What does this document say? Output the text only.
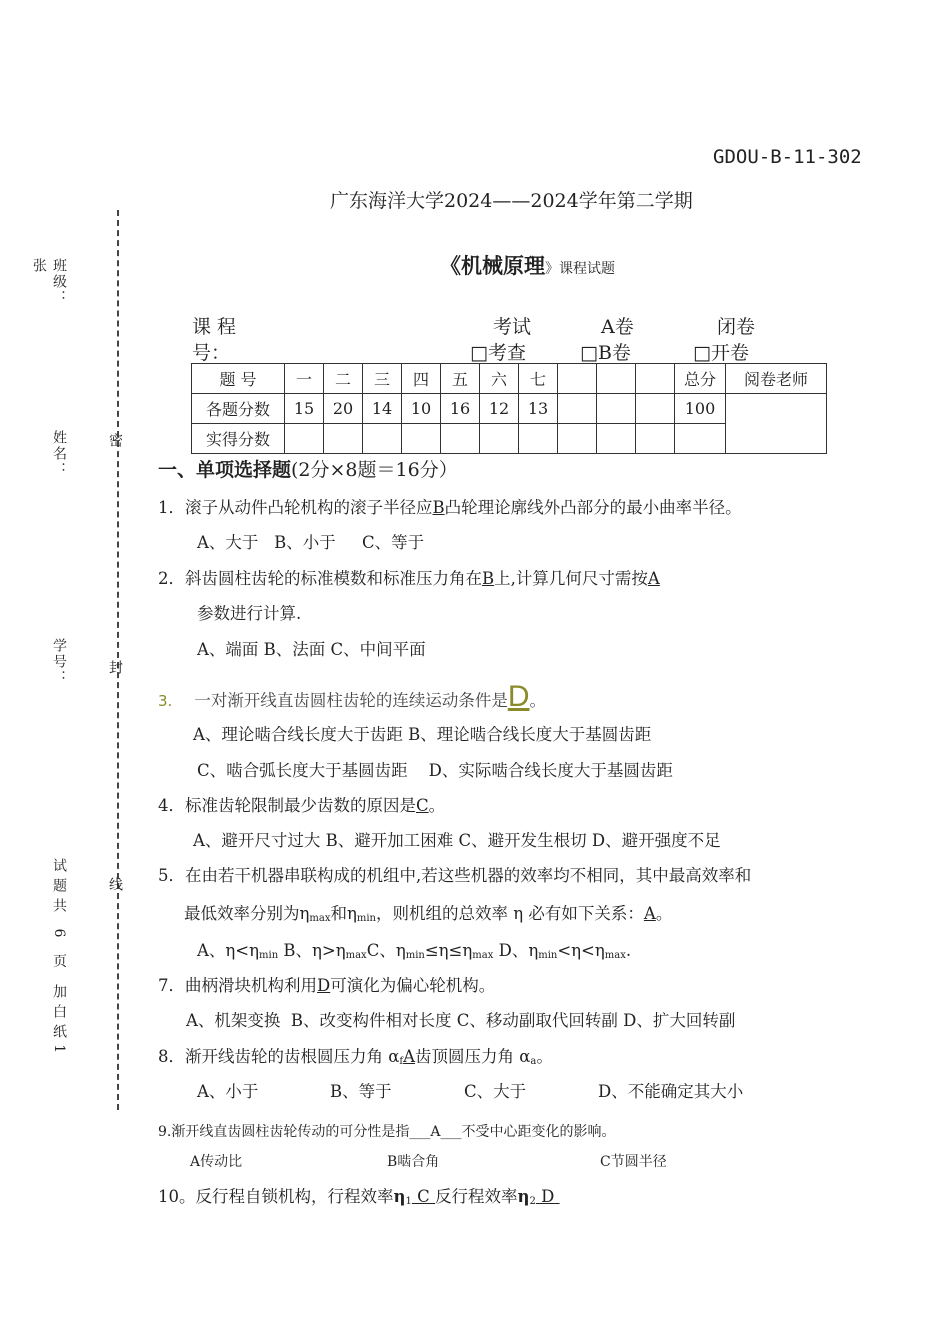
GDOU-B-11-302
广东海洋大学2024——2024学年第二学期
《机械原理》课程试题
班级：
张
姓名：
学号：
密
封
线
试题共 6 页 加白纸1
课 程
号：
考试
□考查
A卷
□B卷
闭卷
□开卷
题 号	一	二	三	四	五	六	七				总分	阅卷老师
各题分数	15	20	14	10	16	12	13				100	
实得分数												
一、单项选择题(2分×8题＝16分）
1．滚子从动件凸轮机构的滚子半径应B凸轮理论廓线外凸部分的最小曲率半径。
A、大于   B、小于     C、等于
2．斜齿圆柱齿轮的标准模数和标准压力角在B上,计算几何尺寸需按A
参数进行计算.
A、端面 B、法面 C、中间平面
3. 一对渐开线直齿圆柱齿轮的连续运动条件是D。
A、理论啮合线长度大于齿距 B、理论啮合线长度大于基圆齿距
C、啮合弧长度大于基圆齿距    D、实际啮合线长度大于基圆齿距
4．标准齿轮限制最少齿数的原因是C。
A、避开尺寸过大 B、避开加工困难 C、避开发生根切 D、避开强度不足
5．在由若干机器串联构成的机组中,若这些机器的效率均不相同，其中最高效率和
最低效率分别为$\eta_{max}$和$\eta_{min}$，则机组的总效率 η 必有如下关系：A。
A、$\eta<\eta_{min}$ B、$\eta>\eta_{max}C$、$\eta_{min}\le\eta\le\eta_{max}$ D、$\eta_{min}<\eta<\eta_{max}$.
7．曲柄滑块机构利用D可演化为偏心轮机构。
A、机架变换  B、改变构件相对长度 C、移动副取代回转副 D、扩大回转副
8．渐开线齿轮的齿根圆压力角 $\alpha_fA$齿顶圆压力角 $\alpha_a$。
A、小于	B、等于	C、大于	D、不能确定其大小
9.渐开线直齿圆柱齿轮传动的可分性是指___A___不受中心距变化的影响。
A传动比	B啮合角	C节圆半径
10。反行程自锁机构，行程效率$\eta_1$ C 反行程效率$\eta_2$ D
